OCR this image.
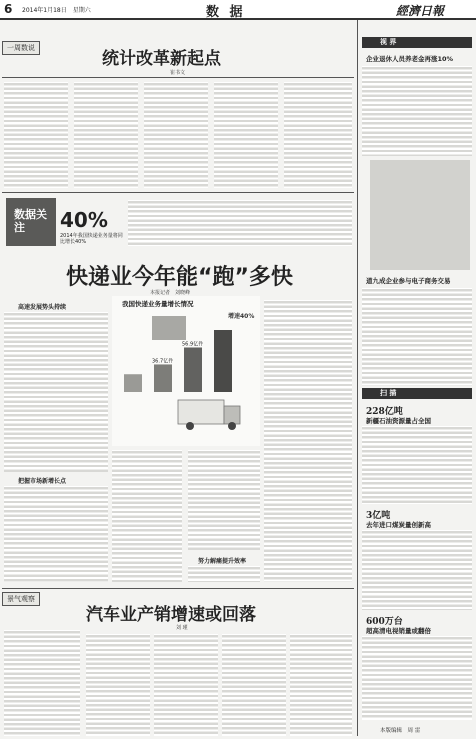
6 2014年1月18日　星期六	数 据	經濟日報
一周数说
统计改革新起点
崔书文
数据关注	40%
2014年我国快递业务量将同比增长40%
快递业今年能“跑”多快
本报记者　刘晓峰
高速发展势头持续
把握市场新增长点
我国快递业务量增长情况
增速40%
36.7亿件
56.9亿件
努力解痛提升效率
景气观察
汽车业产销增速或回落
刘 瑾
视 界
企业退休人员养老金再涨10%
道九成企业参与电子商务交易
扫 描
228亿吨
新疆石油资源量占全国
3亿吨
去年进口煤炭量创新高
600万台
超高清电视销量或翻倍
本版编辑　周 雷
